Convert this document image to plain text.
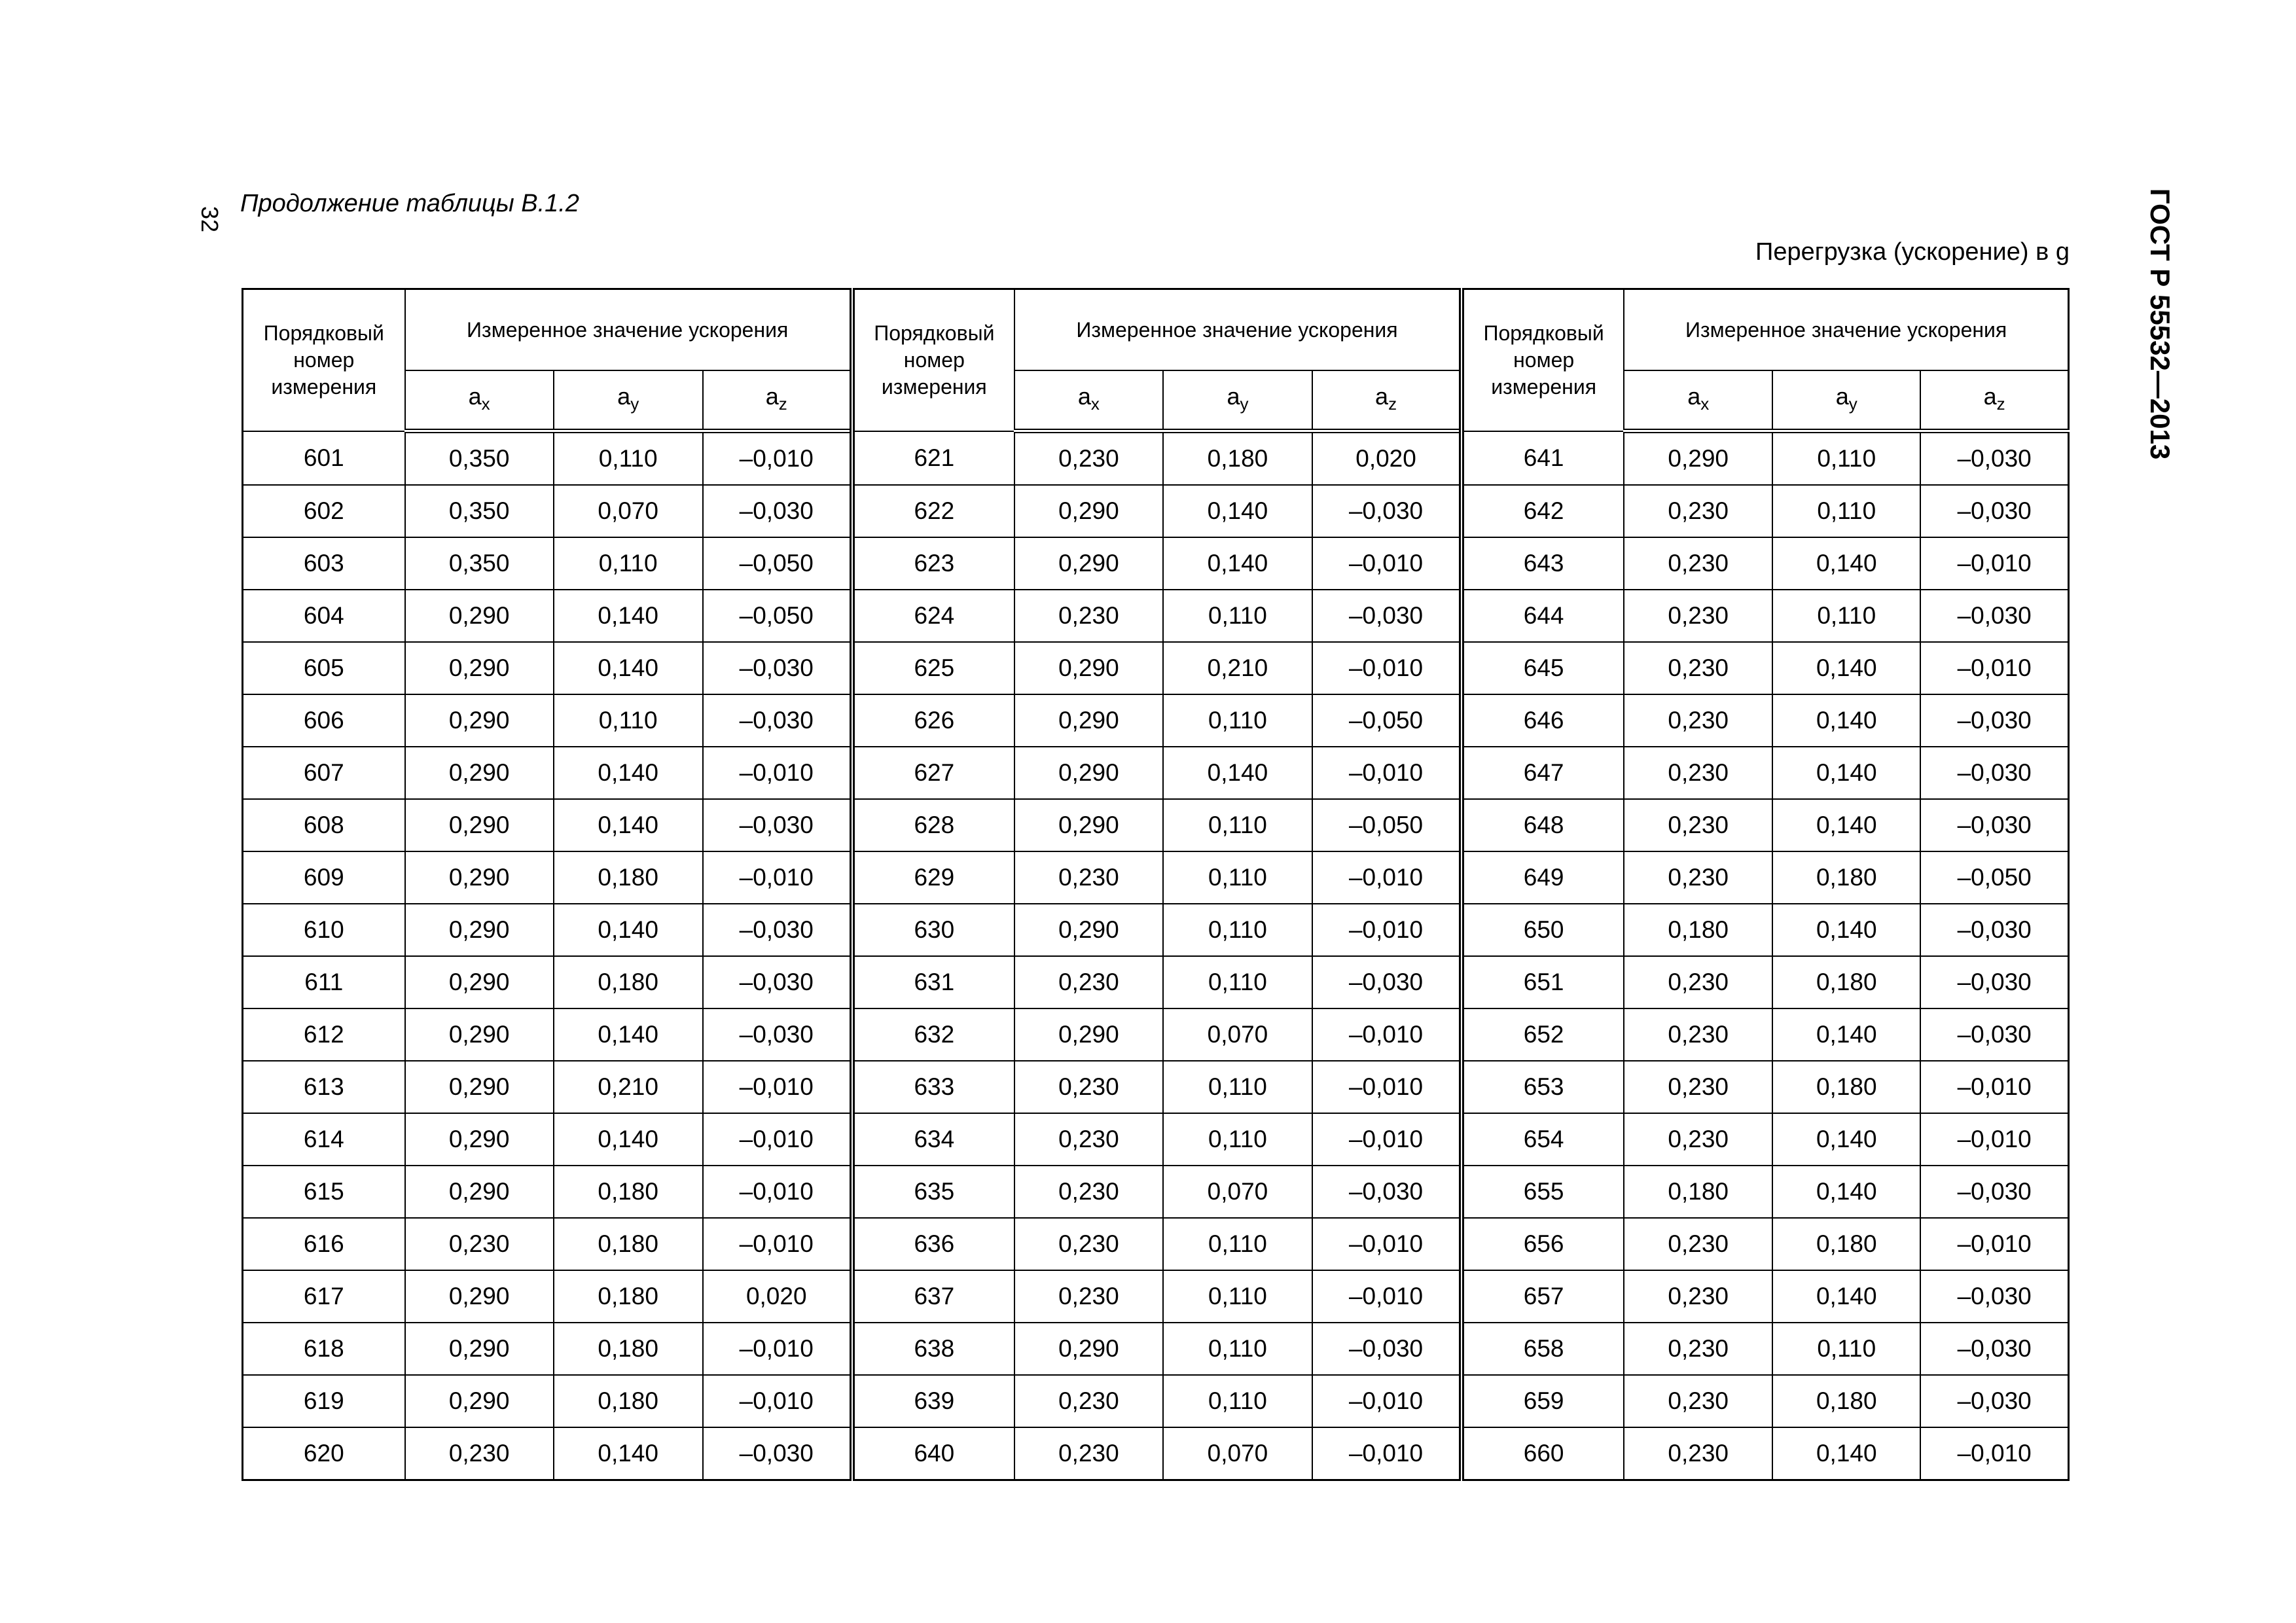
32
Продолжение таблицы В.1.2
Перегрузка (ускорение) в g	ГОСТ Р 55532—2013
Порядковый номер измерения	Измеренное значение ускорения			Порядковый номер измерения	Измеренное значение ускорения			Порядковый номер измерения	Измеренное значение ускорения		
	$a_x$	$a_y$	$a_z$		$a_x$	$a_y$	$a_z$		$a_x$	$a_y$	$a_z$
601	0,350	0,110	–0,010	621	0,230	0,180	0,020	641	0,290	0,110	–0,030
602	0,350	0,070	–0,030	622	0,290	0,140	–0,030	642	0,230	0,110	–0,030
603	0,350	0,110	–0,050	623	0,290	0,140	–0,010	643	0,230	0,140	–0,010
604	0,290	0,140	–0,050	624	0,230	0,110	–0,030	644	0,230	0,110	–0,030
605	0,290	0,140	–0,030	625	0,290	0,210	–0,010	645	0,230	0,140	–0,010
606	0,290	0,110	–0,030	626	0,290	0,110	–0,050	646	0,230	0,140	–0,030
607	0,290	0,140	–0,010	627	0,290	0,140	–0,010	647	0,230	0,140	–0,030
608	0,290	0,140	–0,030	628	0,290	0,110	–0,050	648	0,230	0,140	–0,030
609	0,290	0,180	–0,010	629	0,230	0,110	–0,010	649	0,230	0,180	–0,050
610	0,290	0,140	–0,030	630	0,290	0,110	–0,010	650	0,180	0,140	–0,030
611	0,290	0,180	–0,030	631	0,230	0,110	–0,030	651	0,230	0,180	–0,030
612	0,290	0,140	–0,030	632	0,290	0,070	–0,010	652	0,230	0,140	–0,030
613	0,290	0,210	–0,010	633	0,230	0,110	–0,010	653	0,230	0,180	–0,010
614	0,290	0,140	–0,010	634	0,230	0,110	–0,010	654	0,230	0,140	–0,010
615	0,290	0,180	–0,010	635	0,230	0,070	–0,030	655	0,180	0,140	–0,030
616	0,230	0,180	–0,010	636	0,230	0,110	–0,010	656	0,230	0,180	–0,010
617	0,290	0,180	0,020	637	0,230	0,110	–0,010	657	0,230	0,140	–0,030
618	0,290	0,180	–0,010	638	0,290	0,110	–0,030	658	0,230	0,110	–0,030
619	0,290	0,180	–0,010	639	0,230	0,110	–0,010	659	0,230	0,180	–0,030
620	0,230	0,140	–0,030	640	0,230	0,070	–0,010	660	0,230	0,140	–0,010
